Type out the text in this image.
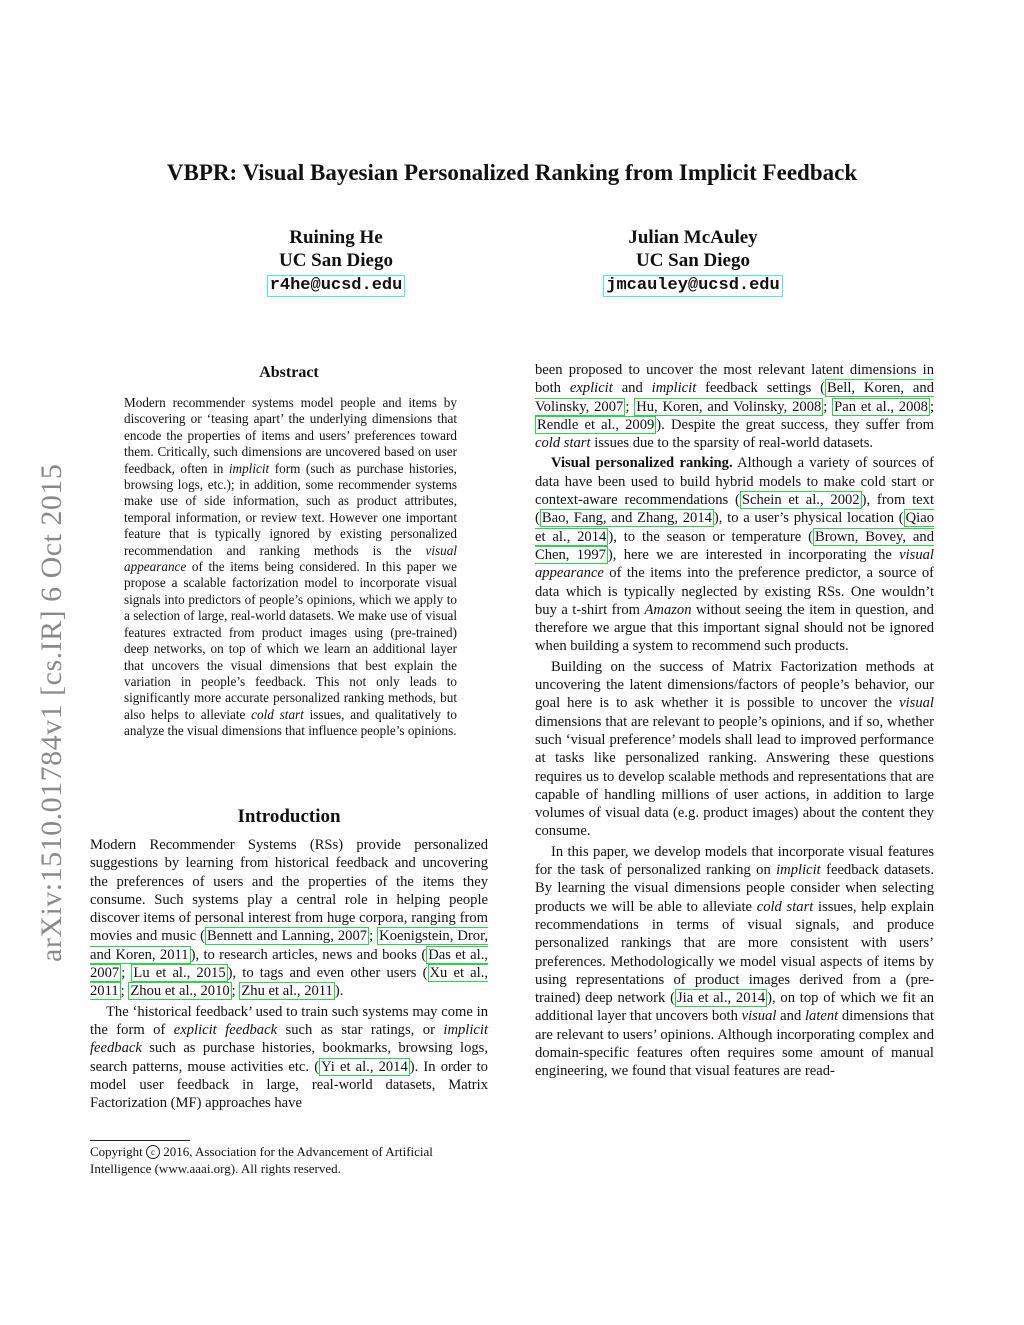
arXiv:1510.01784v1 [cs.IR] 6 Oct 2015
VBPR: Visual Bayesian Personalized Ranking from Implicit Feedback
Ruining He
UC San Diego
r4he@ucsd.edu
Julian McAuley
UC San Diego
jmcauley@ucsd.edu
Abstract
Modern recommender systems model people and items by discovering or ‘teasing apart’ the underlying dimensions that encode the properties of items and users’ preferences toward them. Critically, such dimensions are uncovered based on user feedback, often in implicit form (such as purchase histories, browsing logs, etc.); in addition, some recommender systems make use of side information, such as product attributes, temporal information, or review text. However one important feature that is typically ignored by existing personalized recommendation and ranking methods is the visual appearance of the items being considered. In this paper we propose a scalable factorization model to incorporate visual signals into predictors of people’s opinions, which we apply to a selection of large, real-world datasets. We make use of visual features extracted from product images using (pre-trained) deep networks, on top of which we learn an additional layer that uncovers the visual dimensions that best explain the variation in people’s feedback. This not only leads to significantly more accurate personalized ranking methods, but also helps to alleviate cold start issues, and qualitatively to analyze the visual dimensions that influence people’s opinions.
Introduction

Modern Recommender Systems (RSs) provide personalized suggestions by learning from historical feedback and uncovering the preferences of users and the properties of the items they consume. Such systems play a central role in helping people discover items of personal interest from huge corpora, ranging from movies and music ( Bennett and Lanning, 2007 ; Koenigstein, Dror, and Koren, 2011 ), to research articles, news and books ( Das et al., 2007 ; Lu et al., 2015 ), to tags and even other users ( Xu et al., 2011 ; Zhou et al., 2010 ; Zhu et al., 2011 ).

The ‘historical feedback’ used to train such systems may come in the form of explicit feedback such as star ratings, or implicit feedback such as purchase histories, bookmarks, browsing logs, search patterns, mouse activities etc. ( Yi et al., 2014 ). In order to model user feedback in large, real-world datasets, Matrix Factorization (MF) approaches have

Copyright c 2016, Association for the Advancement of Artificial Intelligence (www.aaai.org). All rights reserved.

been proposed to uncover the most relevant latent dimensions in both explicit and implicit feedback settings ( Bell, Koren, and Volinsky, 2007 ; Hu, Koren, and Volinsky, 2008 ; Pan et al., 2008 ; Rendle et al., 2009 ). Despite the great success, they suffer from cold start issues due to the sparsity of real-world datasets.

Visual personalized ranking. Although a variety of sources of data have been used to build hybrid models to make cold start or context-aware recommendations ( Schein et al., 2002 ), from text ( Bao, Fang, and Zhang, 2014 ), to a user’s physical location ( Qiao et al., 2014 ), to the season or temperature ( Brown, Bovey, and Chen, 1997 ), here we are interested in incorporating the visual appearance of the items into the preference predictor, a source of data which is typically neglected by existing RSs. One wouldn’t buy a t-shirt from Amazon without seeing the item in question, and therefore we argue that this important signal should not be ignored when building a system to recommend such products.

Building on the success of Matrix Factorization methods at uncovering the latent dimensions/factors of people’s behavior, our goal here is to ask whether it is possible to uncover the visual dimensions that are relevant to people’s opinions, and if so, whether such ‘visual preference’ models shall lead to improved performance at tasks like personalized ranking. Answering these questions requires us to develop scalable methods and representations that are capable of handling millions of user actions, in addition to large volumes of visual data (e.g. product images) about the content they consume.

In this paper, we develop models that incorporate visual features for the task of personalized ranking on implicit feedback datasets. By learning the visual dimensions people consider when selecting products we will be able to alleviate cold start issues, help explain recommendations in terms of visual signals, and produce personalized rankings that are more consistent with users’ preferences. Methodologically we model visual aspects of items by using representations of product images derived from a (pre-trained) deep network ( Jia et al., 2014 ), on top of which we fit an additional layer that uncovers both visual and latent dimensions that are relevant to users’ opinions. Although incorporating complex and domain-specific features often requires some amount of manual engineering, we found that visual features are read-
